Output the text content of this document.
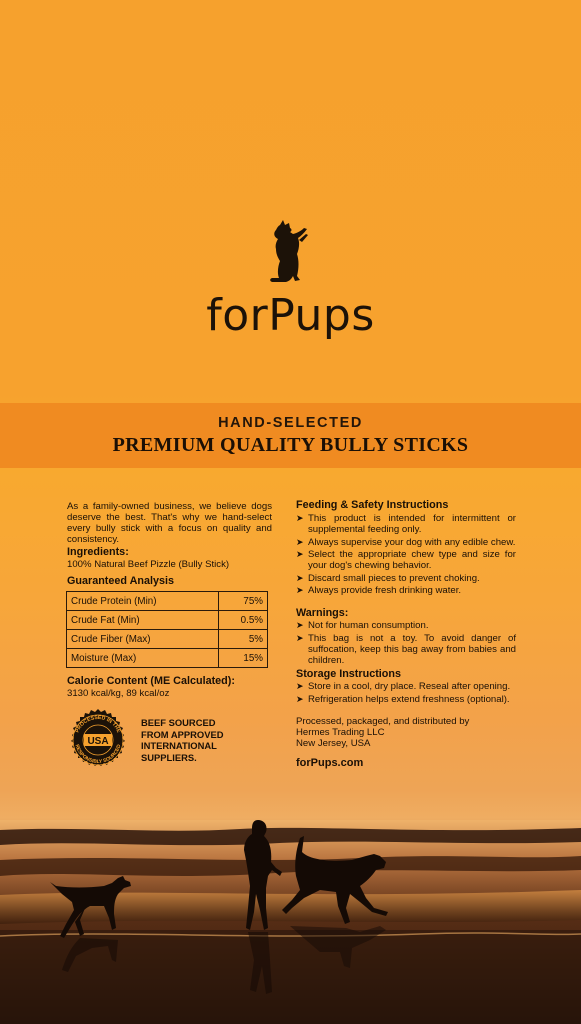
forPups
HAND-SELECTED
PREMIUM QUALITY BULLY STICKS
As a family-owned business, we believe dogs deserve the best. That's why we hand-select every bully stick with a focus on quality and consistency.
Ingredients:
100% Natural Beef Pizzle (Bully Stick)
Guaranteed Analysis
Crude Protein (Min)	75%
Crude Fat (Min)	0.5%
Crude Fiber (Max)	5%
Moisture (Max)	15%
Calorie Content (ME Calculated):
3130 kcal/kg, 89 kcal/oz
PROCESSED IN THE
RESPONSIBLY SOURCED
USA
BEEF SOURCED
FROM APPROVED
INTERNATIONAL
SUPPLIERS.
Feeding & Safety Instructions
➤ This product is intended for intermittent or supplemental feeding only.
➤ Always supervise your dog with any edible chew.
➤ Select the appropriate chew type and size for your dog's chewing behavior.
➤ Discard small pieces to prevent choking.
➤ Always provide fresh drinking water.
Warnings:
➤ Not for human consumption.
➤ This bag is not a toy. To avoid danger of suffocation, keep this bag away from babies and children.
Storage Instructions
➤ Store in a cool, dry place. Reseal after opening.
➤ Refrigeration helps extend freshness (optional).
Processed, packaged, and distributed by
Hermes Trading LLC
New Jersey, USA
forPups.com
